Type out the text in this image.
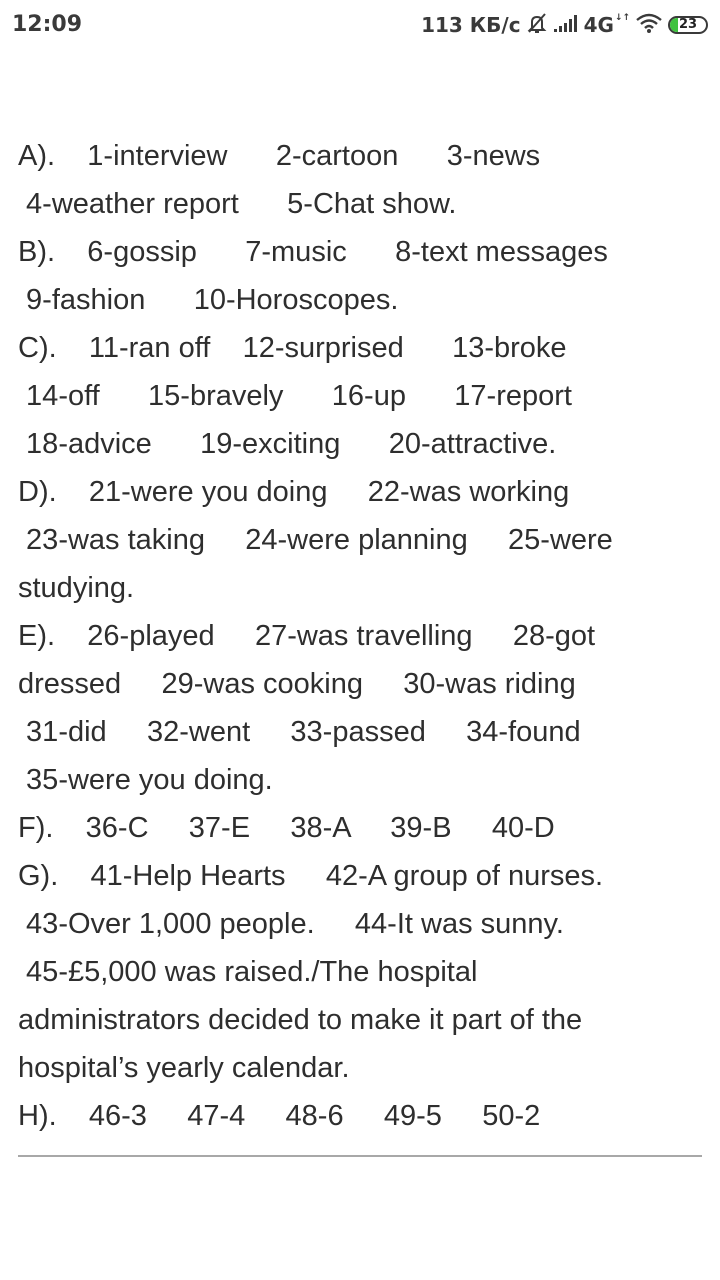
12:09	113 КБ/с	4G↓↑	23
A).    1-interview      2-cartoon      3-news
4-weather report      5-Chat show.
B).    6-gossip      7-music      8-text messages
9-fashion      10-Horoscopes.
C).    11-ran off    12-surprised      13-broke
14-off      15-bravely      16-up      17-report
18-advice      19-exciting      20-attractive.
D).    21-were you doing     22-was working
23-was taking     24-were planning     25-were
studying.
E).    26-played     27-was travelling     28-got
dressed     29-was cooking     30-was riding
31-did     32-went     33-passed     34-found
35-were you doing.
F).    36-C     37-E     38-A     39-B     40-D
G).    41-Help Hearts     42-A group of nurses.
43-Over 1,000 people.     44-It was sunny.
45-£5,000 was raised./The hospital
administrators decided to make it part of the
hospital’s yearly calendar.
H).    46-3     47-4     48-6     49-5     50-2
